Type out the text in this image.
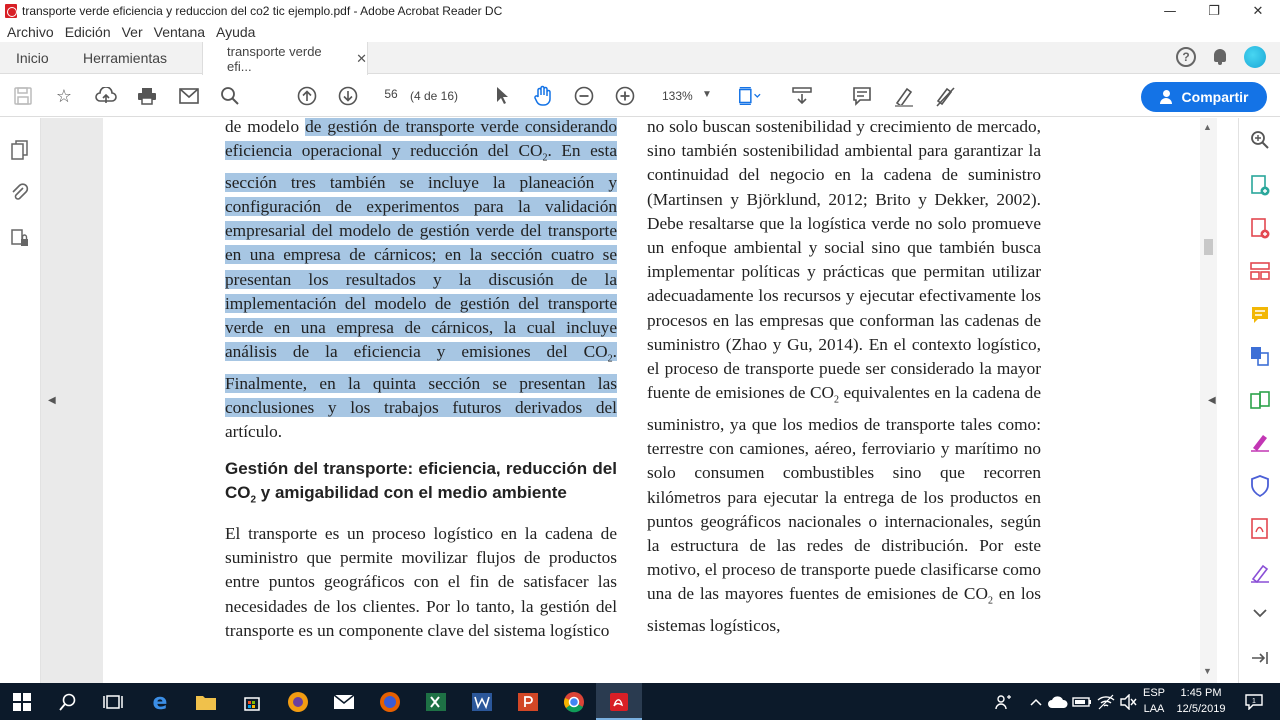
transporte verde eficiencia y reduccion del co2 tic ejemplo.pdf - Adobe Acrobat Reader DC	—	❐	✕
Archivo Edición Ver Ventana Ayuda
Inicio Herramientas	transporte verde efi...
✕	?
☆	56	(4 de 16)	133% ▼	Compartir

de modelo de gestión de transporte verde considerando eficiencia operacional y reducción del $CO_2$. En esta sección tres también se incluye la planeación y configuración de experimentos para la validación empresarial del modelo de gestión verde del transporte en una empresa de cárnicos; en la sección cuatro se presentan los resultados y la discusión de la implementación del modelo de gestión del transporte verde en una empresa de cárnicos, la cual incluye análisis de la eficiencia y emisiones del $CO_2$. Finalmente, en la quinta sección se presentan las conclusiones y los trabajos futuros derivados del artículo.

Gestión del transporte: eficiencia, reducción del $CO_2$ y amigabilidad con el medio ambiente

El transporte es un proceso logístico en la cadena de suministro que permite movilizar flujos de productos entre puntos geográficos con el fin de satisfacer las necesidades de los clientes. Por lo tanto, la gestión del transporte es un componente clave del sistema logístico

no solo buscan sostenibilidad y crecimiento de mercado, sino también sostenibilidad ambiental para garantizar la continuidad del negocio en la cadena de suministro (Martinsen y Björklund, 2012; Brito y Dekker, 2002). Debe resaltarse que la logística verde no solo promueve un enfoque ambiental y social sino que también busca implementar políticas y prácticas que permitan utilizar adecuadamente los recursos y ejecutar efectivamente los procesos en las empresas que conforman las cadenas de suministro (Zhao y Gu, 2014). En el contexto logístico, el proceso de transporte puede ser considerado la mayor fuente de emisiones de $CO_2$ equivalentes en la cadena de suministro, ya que los medios de transporte tales como: terrestre con camiones, aéreo, ferroviario y marítimo no solo consumen combustibles sino que recorren kilómetros para ejecutar la entrega de los productos en puntos geográficos nacionales o internacionales, según la estructura de las redes de distribución. Por este motivo, el proceso de transporte puede clasificarse como una de las mayores fuentes de emisiones de $CO_2$ en los sistemas logísticos,

◀
▲
▼
◀
e	ESP
LAA
1:45 PM
12/5/2019
1
